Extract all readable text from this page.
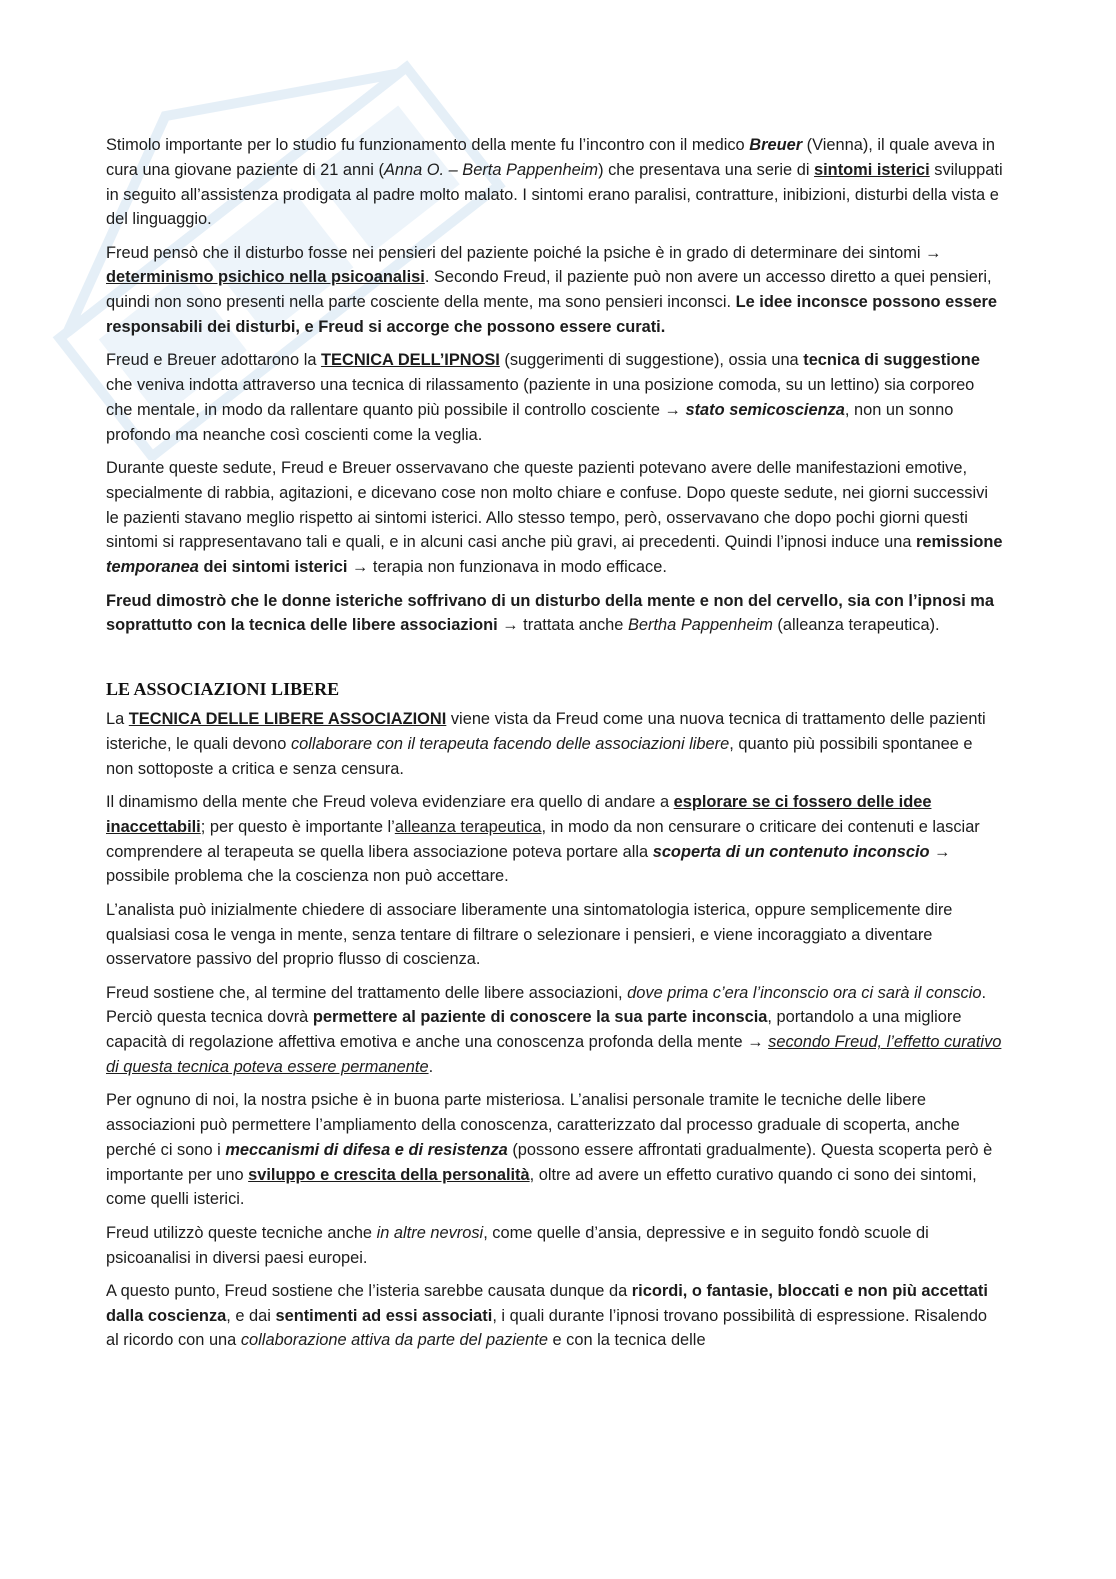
Stimolo importante per lo studio fu funzionamento della mente fu l’incontro con il medico Breuer (Vienna), il quale aveva in cura una giovane paziente di 21 anni (Anna O. – Berta Pappenheim) che presentava una serie di sintomi isterici sviluppati in seguito all’assistenza prodigata al padre molto malato. I sintomi erano paralisi, contratture, inibizioni, disturbi della vista e del linguaggio.

Freud pensò che il disturbo fosse nei pensieri del paziente poiché la psiche è in grado di determinare dei sintomi → determinismo psichico nella psicoanalisi. Secondo Freud, il paziente può non avere un accesso diretto a quei pensieri, quindi non sono presenti nella parte cosciente della mente, ma sono pensieri inconsci. Le idee inconsce possono essere responsabili dei disturbi, e Freud si accorge che possono essere curati.

Freud e Breuer adottarono la TECNICA DELL’IPNOSI (suggerimenti di suggestione), ossia una tecnica di suggestione che veniva indotta attraverso una tecnica di rilassamento (paziente in una posizione comoda, su un lettino) sia corporeo che mentale, in modo da rallentare quanto più possibile il controllo cosciente → stato semicoscienza, non un sonno profondo ma neanche così coscienti come la veglia.

Durante queste sedute, Freud e Breuer osservavano che queste pazienti potevano avere delle manifestazioni emotive, specialmente di rabbia, agitazioni, e dicevano cose non molto chiare e confuse. Dopo queste sedute, nei giorni successivi le pazienti stavano meglio rispetto ai sintomi isterici. Allo stesso tempo, però, osservavano che dopo pochi giorni questi sintomi si rappresentavano tali e quali, e in alcuni casi anche più gravi, ai precedenti. Quindi l’ipnosi induce una remissione temporanea dei sintomi isterici → terapia non funzionava in modo efficace.

Freud dimostrò che le donne isteriche soffrivano di un disturbo della mente e non del cervello, sia con l’ipnosi ma soprattutto con la tecnica delle libere associazioni → trattata anche Bertha Pappenheim (alleanza terapeutica).

LE ASSOCIAZIONI LIBERE

La TECNICA DELLE LIBERE ASSOCIAZIONI viene vista da Freud come una nuova tecnica di trattamento delle pazienti isteriche, le quali devono collaborare con il terapeuta facendo delle associazioni libere, quanto più possibili spontanee e non sottoposte a critica e senza censura.

Il dinamismo della mente che Freud voleva evidenziare era quello di andare a esplorare se ci fossero delle idee inaccettabili; per questo è importante l’alleanza terapeutica, in modo da non censurare o criticare dei contenuti e lasciar comprendere al terapeuta se quella libera associazione poteva portare alla scoperta di un contenuto inconscio → possibile problema che la coscienza non può accettare.

L’analista può inizialmente chiedere di associare liberamente una sintomatologia isterica, oppure semplicemente dire qualsiasi cosa le venga in mente, senza tentare di filtrare o selezionare i pensieri, e viene incoraggiato a diventare osservatore passivo del proprio flusso di coscienza.

Freud sostiene che, al termine del trattamento delle libere associazioni, dove prima c’era l’inconscio ora ci sarà il conscio. Perciò questa tecnica dovrà permettere al paziente di conoscere la sua parte inconscia, portandolo a una migliore capacità di regolazione affettiva emotiva e anche una conoscenza profonda della mente → secondo Freud, l’effetto curativo di questa tecnica poteva essere permanente.

Per ognuno di noi, la nostra psiche è in buona parte misteriosa. L’analisi personale tramite le tecniche delle libere associazioni può permettere l’ampliamento della conoscenza, caratterizzato dal processo graduale di scoperta, anche perché ci sono i meccanismi di difesa e di resistenza (possono essere affrontati gradualmente). Questa scoperta però è importante per uno sviluppo e crescita della personalità, oltre ad avere un effetto curativo quando ci sono dei sintomi, come quelli isterici.

Freud utilizzò queste tecniche anche in altre nevrosi, come quelle d’ansia, depressive e in seguito fondò scuole di psicoanalisi in diversi paesi europei.

A questo punto, Freud sostiene che l’isteria sarebbe causata dunque da ricordi, o fantasie, bloccati e non più accettati dalla coscienza, e dai sentimenti ad essi associati, i quali durante l’ipnosi trovano possibilità di espressione. Risalendo al ricordo con una collaborazione attiva da parte del paziente e con la tecnica delle
